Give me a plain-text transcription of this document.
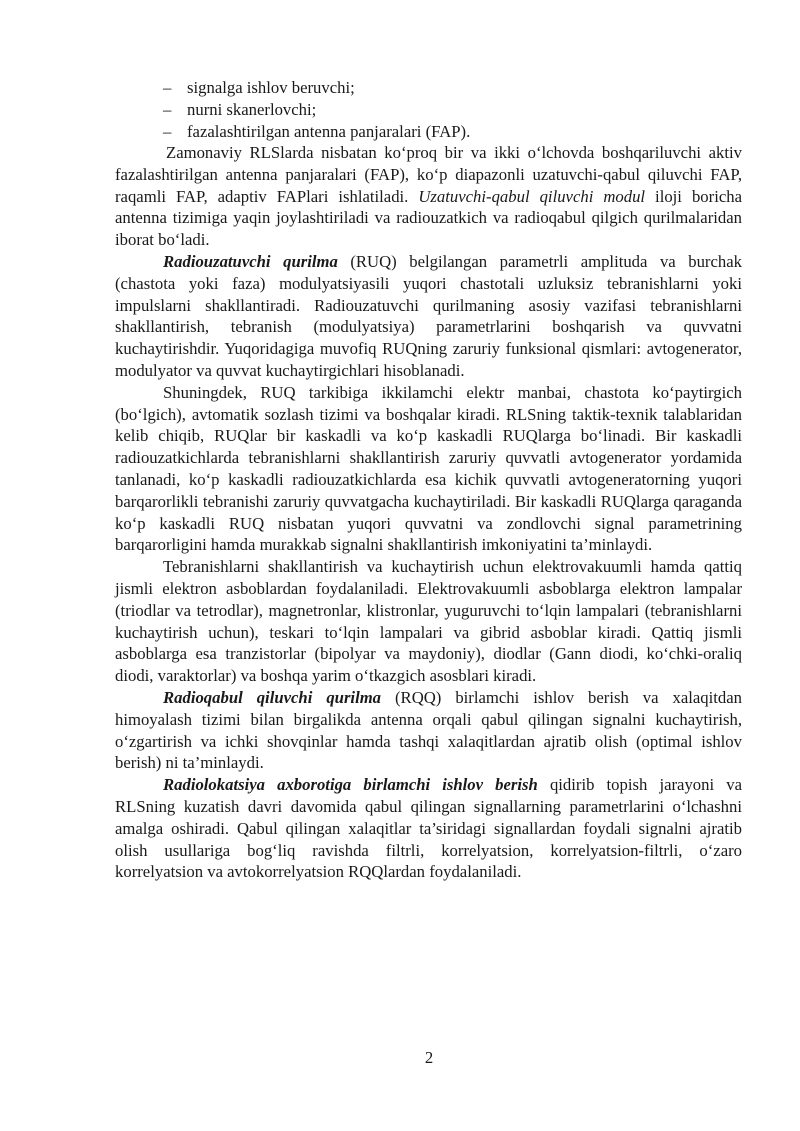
– signalga ishlov beruvchi;
– nurni skanerlovchi;
– fazalashtirilgan antenna panjaralari (FAP).

Zamonaviy RLSlarda nisbatan ko‘proq bir va ikki o‘lchovda boshqariluvchi aktiv fazalashtirilgan antenna panjaralari (FAP), ko‘p diapazonli uzatuvchi-qabul qiluvchi FAP, raqamli FAP, adaptiv FAPlari ishlatiladi. Uzatuvchi-qabul qiluvchi modul iloji boricha antenna tizimiga yaqin joylashtiriladi va radiouzatkich va radioqabul qilgich qurilmalaridan iborat bo‘ladi.

Radiouzatuvchi qurilma (RUQ) belgilangan parametrli amplituda va burchak (chastota yoki faza) modulyatsiyasili yuqori chastotali uzluksiz tebranishlarni yoki impulslarni shakllantiradi. Radiouzatuvchi qurilmaning asosiy vazifasi tebranishlarni shakllantirish, tebranish (modulyatsiya) parametrlarini boshqarish va quvvatni kuchaytirishdir. Yuqoridagiga muvofiq RUQning zaruriy funksional qismlari: avtogenerator, modulyator va quvvat kuchaytirgichlari hisoblanadi.

Shuningdek, RUQ tarkibiga ikkilamchi elektr manbai, chastota ko‘paytirgich (bo‘lgich), avtomatik sozlash tizimi va boshqalar kiradi. RLSning taktik-texnik talablaridan kelib chiqib, RUQlar bir kaskadli va ko‘p kaskadli RUQlarga bo‘linadi. Bir kaskadli radiouzatkichlarda tebranishlarni shakllantirish zaruriy quvvatli avtogenerator yordamida tanlanadi, ko‘p kaskadli radiouzatkichlarda esa kichik quvvatli avtogeneratorning yuqori barqarorlikli tebranishi zaruriy quvvatgacha kuchaytiriladi. Bir kaskadli RUQlarga qaraganda ko‘p kaskadli RUQ nisbatan yuqori quvvatni va zondlovchi signal parametrining barqarorligini hamda murakkab signalni shakllantirish imkoniyatini ta’minlaydi.

Tebranishlarni shakllantirish va kuchaytirish uchun elektrovakuumli hamda qattiq jismli elektron asboblardan foydalaniladi. Elektrovakuumli asboblarga elektron lampalar (triodlar va tetrodlar), magnetronlar, klistronlar, yuguruvchi to‘lqin lampalari (tebranishlarni kuchaytirish uchun), teskari to‘lqin lampalari va gibrid asboblar kiradi. Qattiq jismli asboblarga esa tranzistorlar (bipolyar va maydoniy), diodlar (Gann diodi, ko‘chki-oraliq diodi, varaktorlar) va boshqa yarim o‘tkazgich asosblari kiradi.

Radioqabul qiluvchi qurilma (RQQ) birlamchi ishlov berish va xalaqitdan himoyalash tizimi bilan birgalikda antenna orqali qabul qilingan signalni kuchaytirish, o‘zgartirish va ichki shovqinlar hamda tashqi xalaqitlardan ajratib olish (optimal ishlov berish) ni ta’minlaydi.

Radiolokatsiya axborotiga birlamchi ishlov berish qidirib topish jarayoni va RLSning kuzatish davri davomida qabul qilingan signallarning parametrlarini o‘lchashni amalga oshiradi. Qabul qilingan xalaqitlar ta’siridagi signallardan foydali signalni ajratib olish usullariga bog‘liq ravishda filtrli, korrelyatsion, korrelyatsion-filtrli, o‘zaro korrelyatsion va avtokorrelyatsion RQQlardan foydalaniladi.

2
